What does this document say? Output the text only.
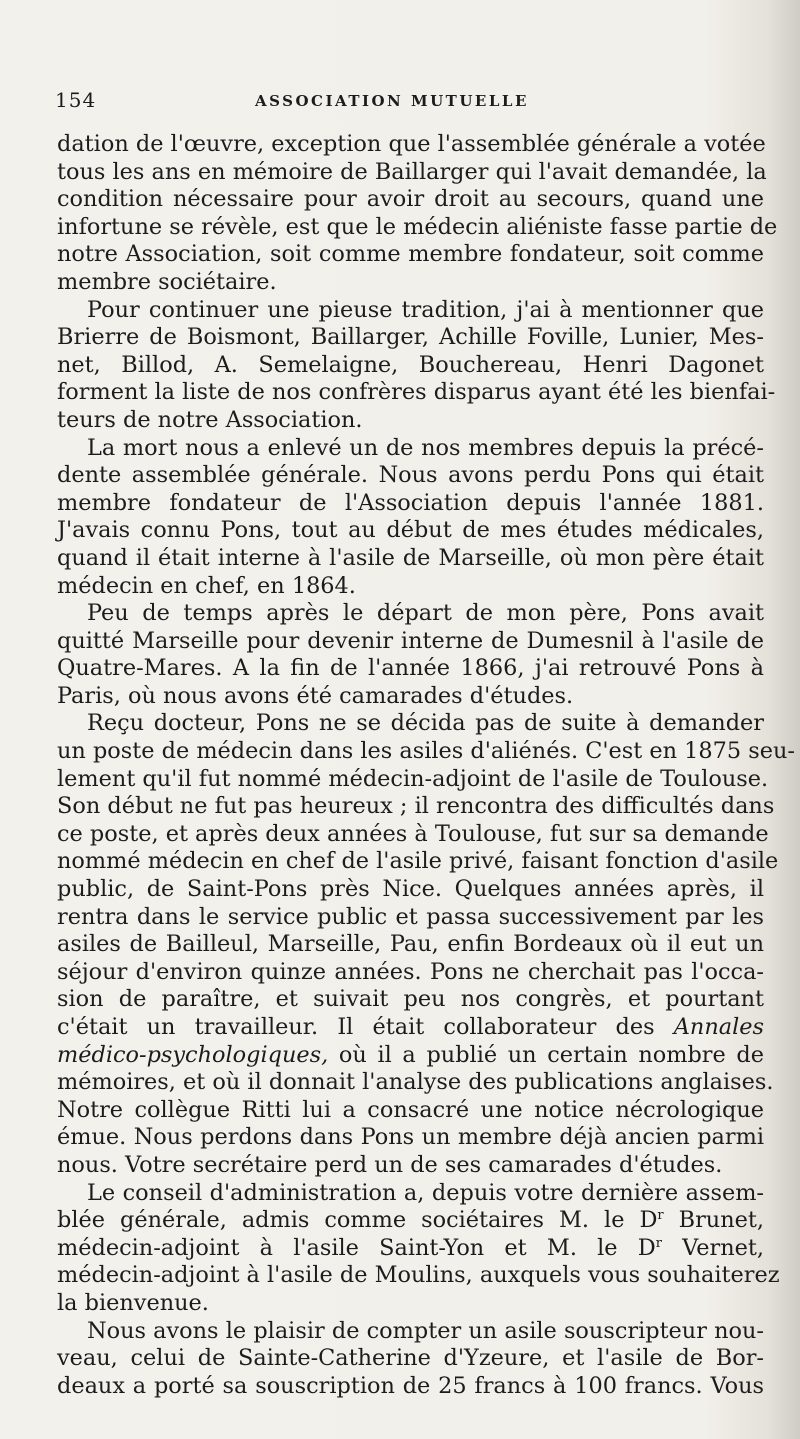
154	ASSOCIATION MUTUELLE
dation de l'œuvre, exception que l'assemblée générale a votée
tous les ans en mémoire de Baillarger qui l'avait demandée, la
condition nécessaire pour avoir droit au secours, quand une
infortune se révèle, est que le médecin aliéniste fasse partie de
notre Association, soit comme membre fondateur, soit comme
membre sociétaire.
Pour continuer une pieuse tradition, j'ai à mentionner que
Brierre de Boismont, Baillarger, Achille Foville, Lunier, Mes-
net, Billod, A. Semelaigne, Bouchereau, Henri Dagonet
forment la liste de nos confrères disparus ayant été les bienfai-
teurs de notre Association.
La mort nous a enlevé un de nos membres depuis la précé-
dente assemblée générale. Nous avons perdu Pons qui était
membre fondateur de l'Association depuis l'année 1881.
J'avais connu Pons, tout au début de mes études médicales,
quand il était interne à l'asile de Marseille, où mon père était
médecin en chef, en 1864.
Peu de temps après le départ de mon père, Pons avait
quitté Marseille pour devenir interne de Dumesnil à l'asile de
Quatre-Mares. A la fin de l'année 1866, j'ai retrouvé Pons à
Paris, où nous avons été camarades d'études.
Reçu docteur, Pons ne se décida pas de suite à demander
un poste de médecin dans les asiles d'aliénés. C'est en 1875 seu-
lement qu'il fut nommé médecin-adjoint de l'asile de Toulouse.
Son début ne fut pas heureux ; il rencontra des difficultés dans
ce poste, et après deux années à Toulouse, fut sur sa demande
nommé médecin en chef de l'asile privé, faisant fonction d'asile
public, de Saint-Pons près Nice. Quelques années après, il
rentra dans le service public et passa successivement par les
asiles de Bailleul, Marseille, Pau, enfin Bordeaux où il eut un
séjour d'environ quinze années. Pons ne cherchait pas l'occa-
sion de paraître, et suivait peu nos congrès, et pourtant
c'était un travailleur. Il était collaborateur des Annales
médico-psychologiques, où il a publié un certain nombre de
mémoires, et où il donnait l'analyse des publications anglaises.
Notre collègue Ritti lui a consacré une notice nécrologique
émue. Nous perdons dans Pons un membre déjà ancien parmi
nous. Votre secrétaire perd un de ses camarades d'études.
Le conseil d'administration a, depuis votre dernière assem-
blée générale, admis comme sociétaires M. le $D^r$ Brunet,
médecin-adjoint à l'asile Saint-Yon et M. le $D^r$ Vernet,
médecin-adjoint à l'asile de Moulins, auxquels vous souhaiterez
la bienvenue.
Nous avons le plaisir de compter un asile souscripteur nou-
veau, celui de Sainte-Catherine d'Yzeure, et l'asile de Bor-
deaux a porté sa souscription de 25 francs à 100 francs. Vous
